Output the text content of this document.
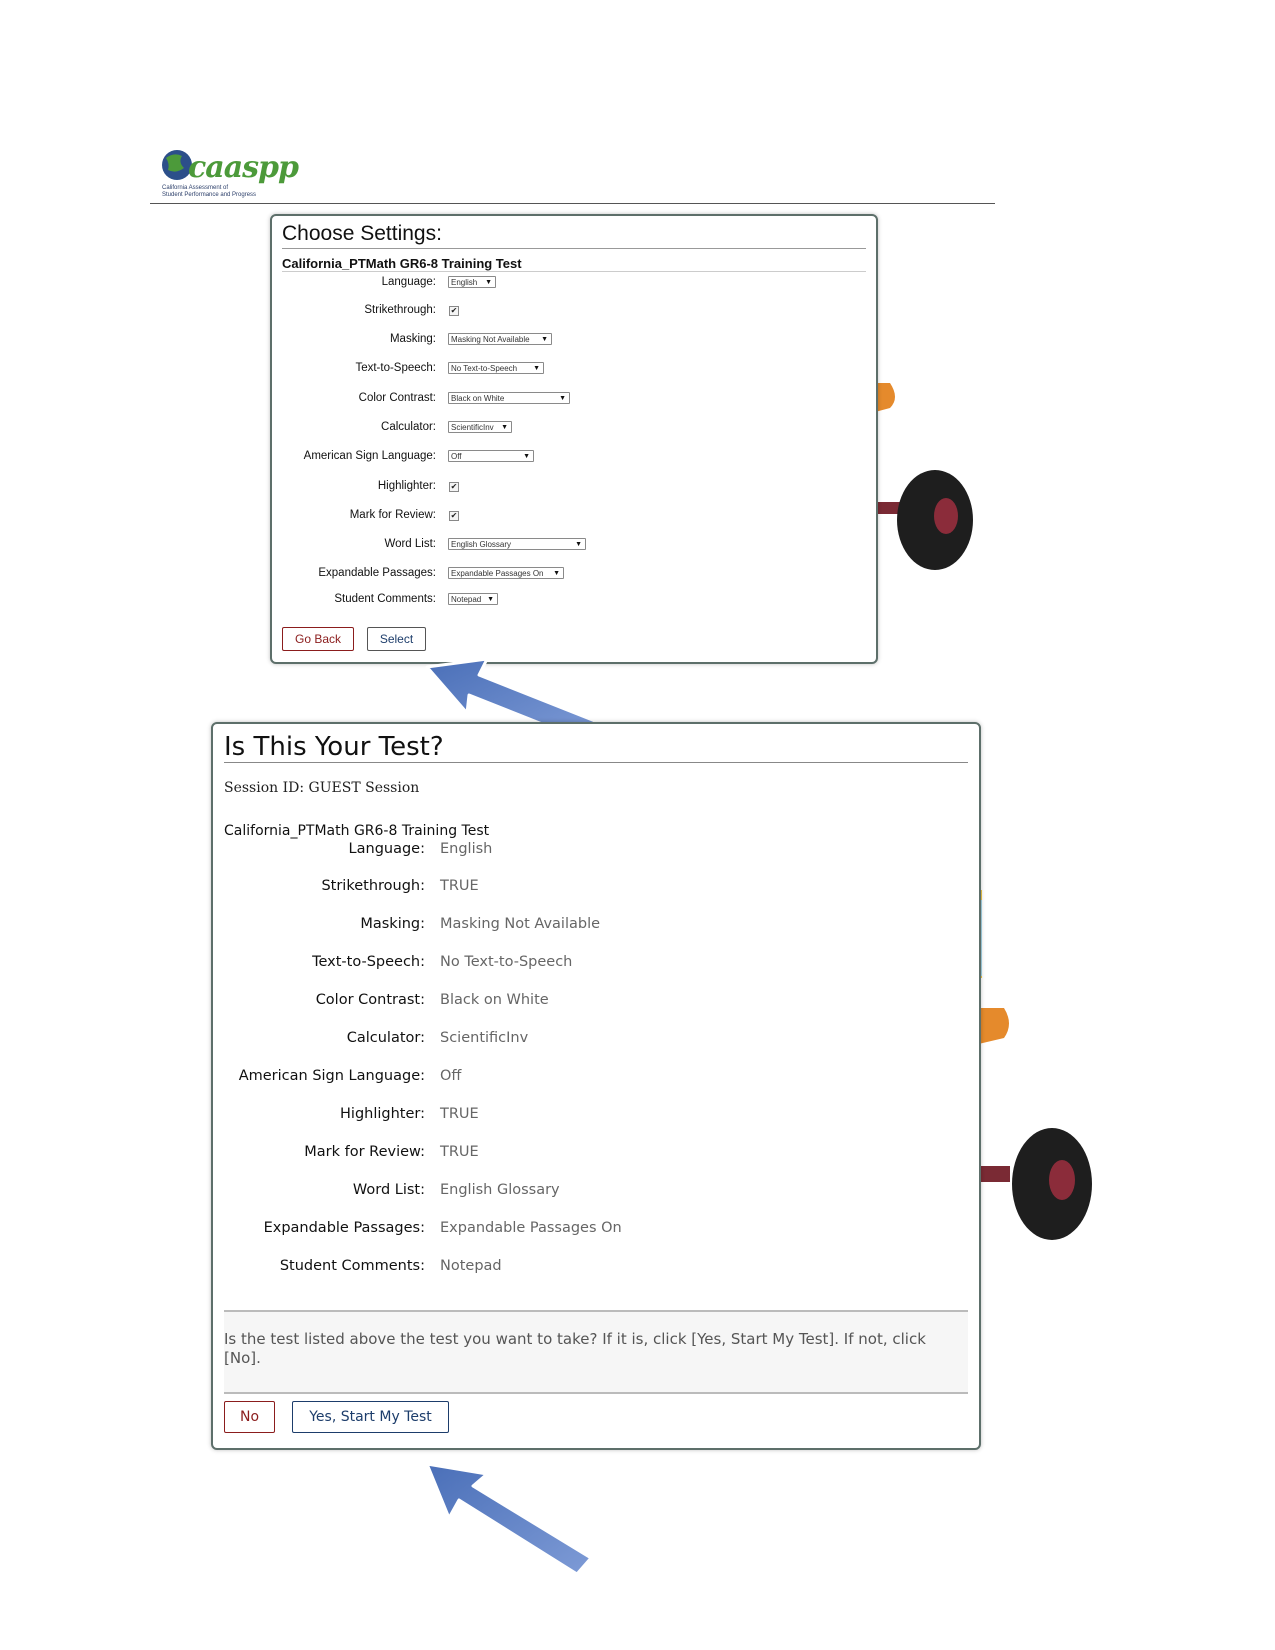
caaspp
California Assessment of
Student Performance and Progress
Choose Settings:
California_PTMath GR6-8 Training Test
Language:	English ▼
Strikethrough: ✔
Masking:	Masking Not Available ▼
Text-to-Speech:	No Text-to-Speech ▼
Color Contrast:	Black on White	▼
Calculator:	ScientificInv ▼
American Sign Language:	Off	▼
Highlighter: ✔
Mark for Review: ✔
Word List:	English Glossary	▼
Expandable Passages:	Expandable Passages On ▼
Student Comments:	Notepad ▼
Go Back	Select
Is This Your Test?
Session ID: GUEST Session
California_PTMath GR6-8 Training Test
Language: English
Strikethrough: TRUE
Masking: Masking Not Available
Text-to-Speech: No Text-to-Speech
Color Contrast: Black on White
Calculator: ScientificInv
American Sign Language: Off
Highlighter: TRUE
Mark for Review: TRUE
Word List: English Glossary
Expandable Passages: Expandable Passages On
Student Comments: Notepad
Is the test listed above the test you want to take? If it is, click [Yes, Start My Test]. If not, click [No].
No	Yes, Start My Test
